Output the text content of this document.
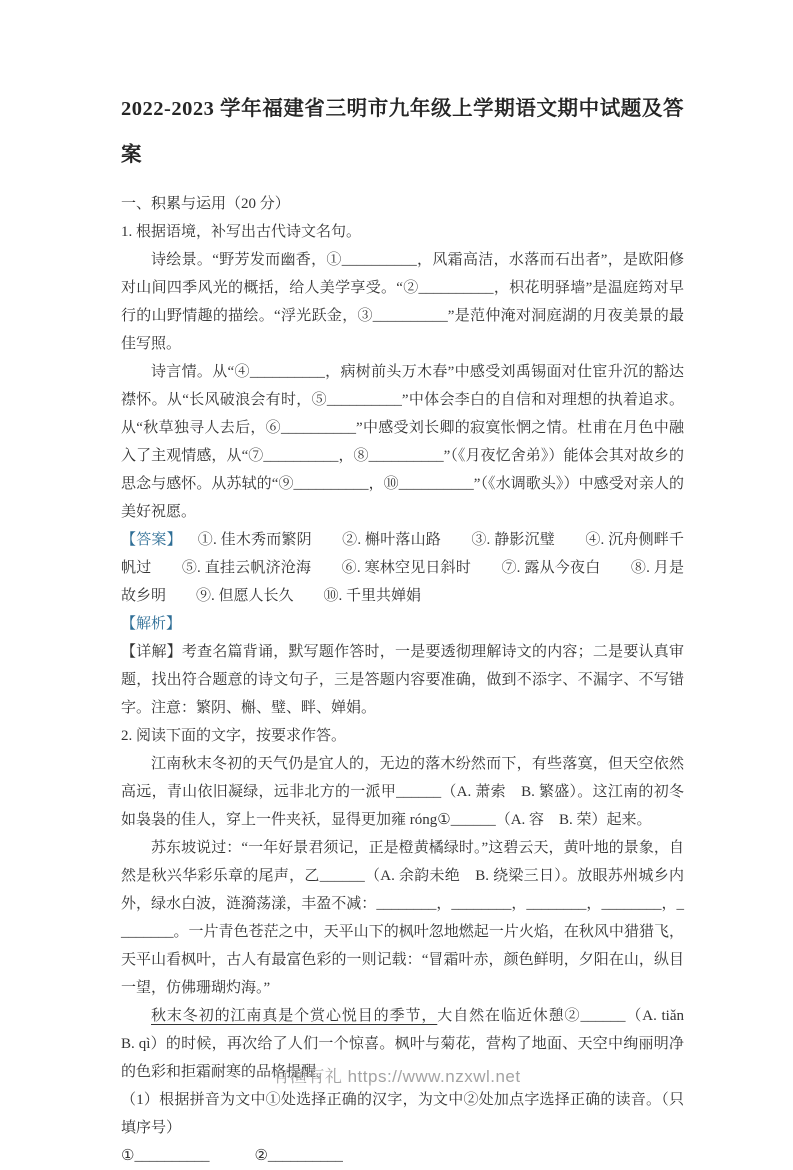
2022-2023 学年福建省三明市九年级上学期语文期中试题及答案

一、积累与运用（20 分）

1. 根据语境，补写出古代诗文名句。

诗绘景。“野芳发而幽香，①__________，风霜高洁，水落而石出者”，是欧阳修对山间四季风光的概括，给人美学享受。“②__________，枳花明驿墙”是温庭筠对早行的山野情趣的描绘。“浮光跃金，③__________”是范仲淹对洞庭湖的月夜美景的最佳写照。

诗言情。从“④__________，病树前头万木春”中感受刘禹锡面对仕宦升沉的豁达襟怀。从“长风破浪会有时，⑤__________”中体会李白的自信和对理想的执着追求。从“秋草独寻人去后，⑥__________”中感受刘长卿的寂寞怅惘之情。杜甫在月色中融入了主观情感，从“⑦__________，⑧__________”（《月夜忆舍弟》）能体会其对故乡的思念与感怀。从苏轼的“⑨__________，⑩__________”（《水调歌头》）中感受对亲人的美好祝愿。

【答案】 ①. 佳木秀而繁阴　　②. 槲叶落山路　　③. 静影沉璧　　④. 沉舟侧畔千帆过　　⑤. 直挂云帆济沧海　　⑥. 寒林空见日斜时　　⑦. 露从今夜白　　⑧. 月是故乡明　　⑨. 但愿人长久　　⑩. 千里共婵娟

【解析】

【详解】考查名篇背诵，默写题作答时，一是要透彻理解诗文的内容；二是要认真审题，找出符合题意的诗文句子，三是答题内容要准确，做到不添字、不漏字、不写错字。注意：繁阴、槲、璧、畔、婵娟。

2. 阅读下面的文字，按要求作答。

江南秋末冬初的天气仍是宜人的，无边的落木纷然而下，有些落寞，但天空依然高远，青山依旧凝绿，远非北方的一派甲______（A. 萧索　B. 繁盛）。这江南的初冬如袅袅的佳人，穿上一件夹袄，显得更加雍 róng①______（A. 容　B. 荣）起来。

苏东坡说过：“一年好景君须记，正是橙黄橘绿时。”这碧云天，黄叶地的景象，自然是秋兴华彩乐章的尾声，乙______（A. 余韵未绝　B. 绕梁三日）。放眼苏州城乡内外，绿水白波，涟漪荡漾，丰盈不减：________，________，________，________，________。一片青色苍茫之中，天平山下的枫叶忽地燃起一片火焰，在秋风中猎猎飞，天平山看枫叶，古人有最富色彩的一则记载：“冒霜叶赤，颜色鲜明，夕阳在山，纵目一望，仿佛珊瑚灼海。”

秋末冬初的江南真是个赏心悦目的季节，大自然在临近休憩②______（A. tiǎn　B. qì）的时候，再次给了人们一个惊喜。枫叶与菊花，营构了地面、天空中绚丽明净的色彩和拒霜耐寒的品格提醒。

（1）根据拼音为文中①处选择正确的汉字，为文中②处加点字选择正确的读音。（只填序号）

①__________　　　②__________

有渔有礼 https://www.nzxwl.net
